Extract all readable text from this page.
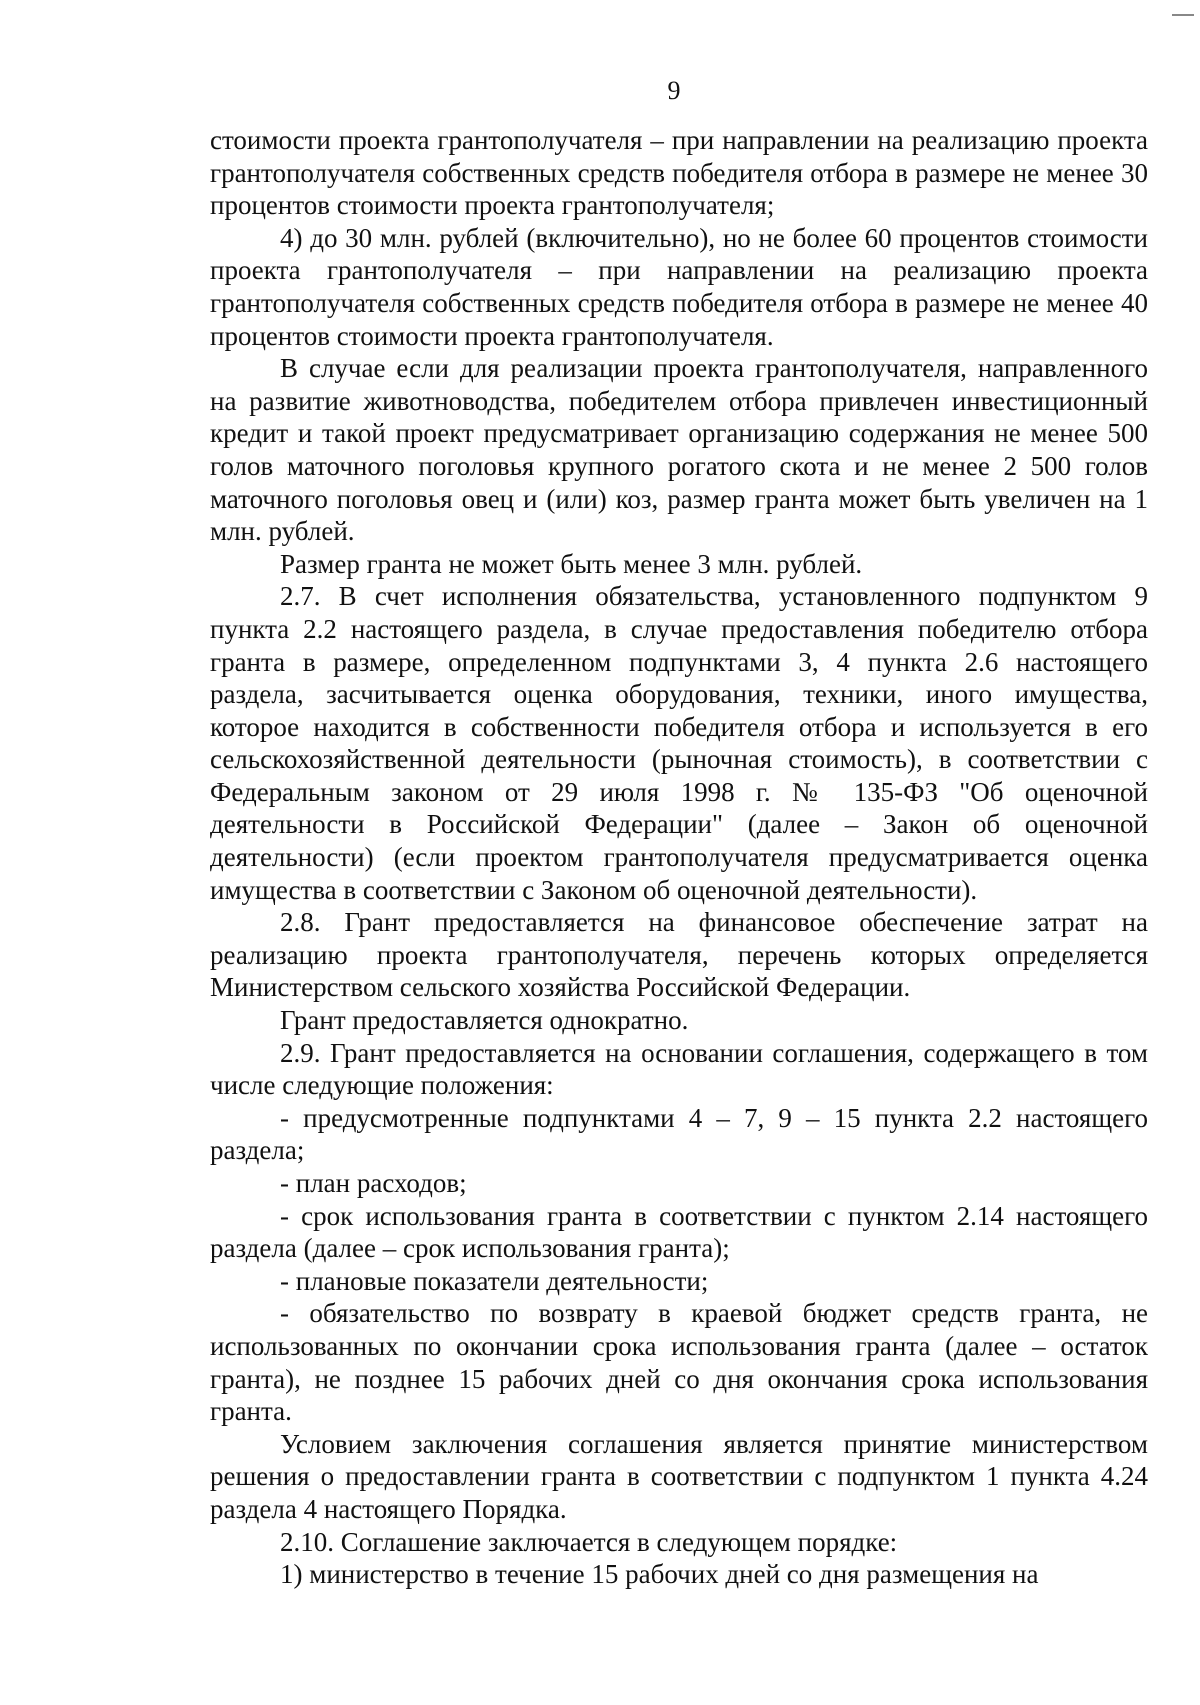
9

стоимости проекта грантополучателя – при направлении на реализацию проекта грантополучателя собственных средств победителя отбора в размере не менее 30 процентов стоимости проекта грантополучателя;

4) до 30 млн. рублей (включительно), но не более 60 процентов стоимости проекта грантополучателя – при направлении на реализацию проекта грантополучателя собственных средств победителя отбора в размере не менее 40 процентов стоимости проекта грантополучателя.

В случае если для реализации проекта грантополучателя, направленного на развитие животноводства, победителем отбора привлечен инвестиционный кредит и такой проект предусматривает организацию содержания не менее 500 голов маточного поголовья крупного рогатого скота и не менее 2 500 голов маточного поголовья овец и (или) коз, размер гранта может быть увеличен на 1 млн. рублей.

Размер гранта не может быть менее 3 млн. рублей.

2.7. В счет исполнения обязательства, установленного подпунктом 9 пункта 2.2 настоящего раздела, в случае предоставления победителю отбора гранта в размере, определенном подпунктами 3, 4 пункта 2.6 настоящего раздела, засчитывается оценка оборудования, техники, иного имущества, которое находится в собственности победителя отбора и используется в его сельскохозяйственной деятельности (рыночная стоимость), в соответствии с Федеральным законом от 29 июля 1998 г. № 135-ФЗ "Об оценочной деятельности в Российской Федерации" (далее – Закон об оценочной деятельности) (если проектом грантополучателя предусматривается оценка имущества в соответствии с Законом об оценочной деятельности).

2.8. Грант предоставляется на финансовое обеспечение затрат на реализацию проекта грантополучателя, перечень которых определяется Министерством сельского хозяйства Российской Федерации.

Грант предоставляется однократно.

2.9. Грант предоставляется на основании соглашения, содержащего в том числе следующие положения:

- предусмотренные подпунктами 4 – 7, 9 – 15 пункта 2.2 настоящего раздела;

- план расходов;

- срок использования гранта в соответствии с пунктом 2.14 настоящего раздела (далее – срок использования гранта);

- плановые показатели деятельности;

- обязательство по возврату в краевой бюджет средств гранта, не использованных по окончании срока использования гранта (далее – остаток гранта), не позднее 15 рабочих дней со дня окончания срока использования гранта.

Условием заключения соглашения является принятие министерством решения о предоставлении гранта в соответствии с подпунктом 1 пункта 4.24 раздела 4 настоящего Порядка.

2.10. Соглашение заключается в следующем порядке:

1) министерство в течение 15 рабочих дней со дня размещения на
